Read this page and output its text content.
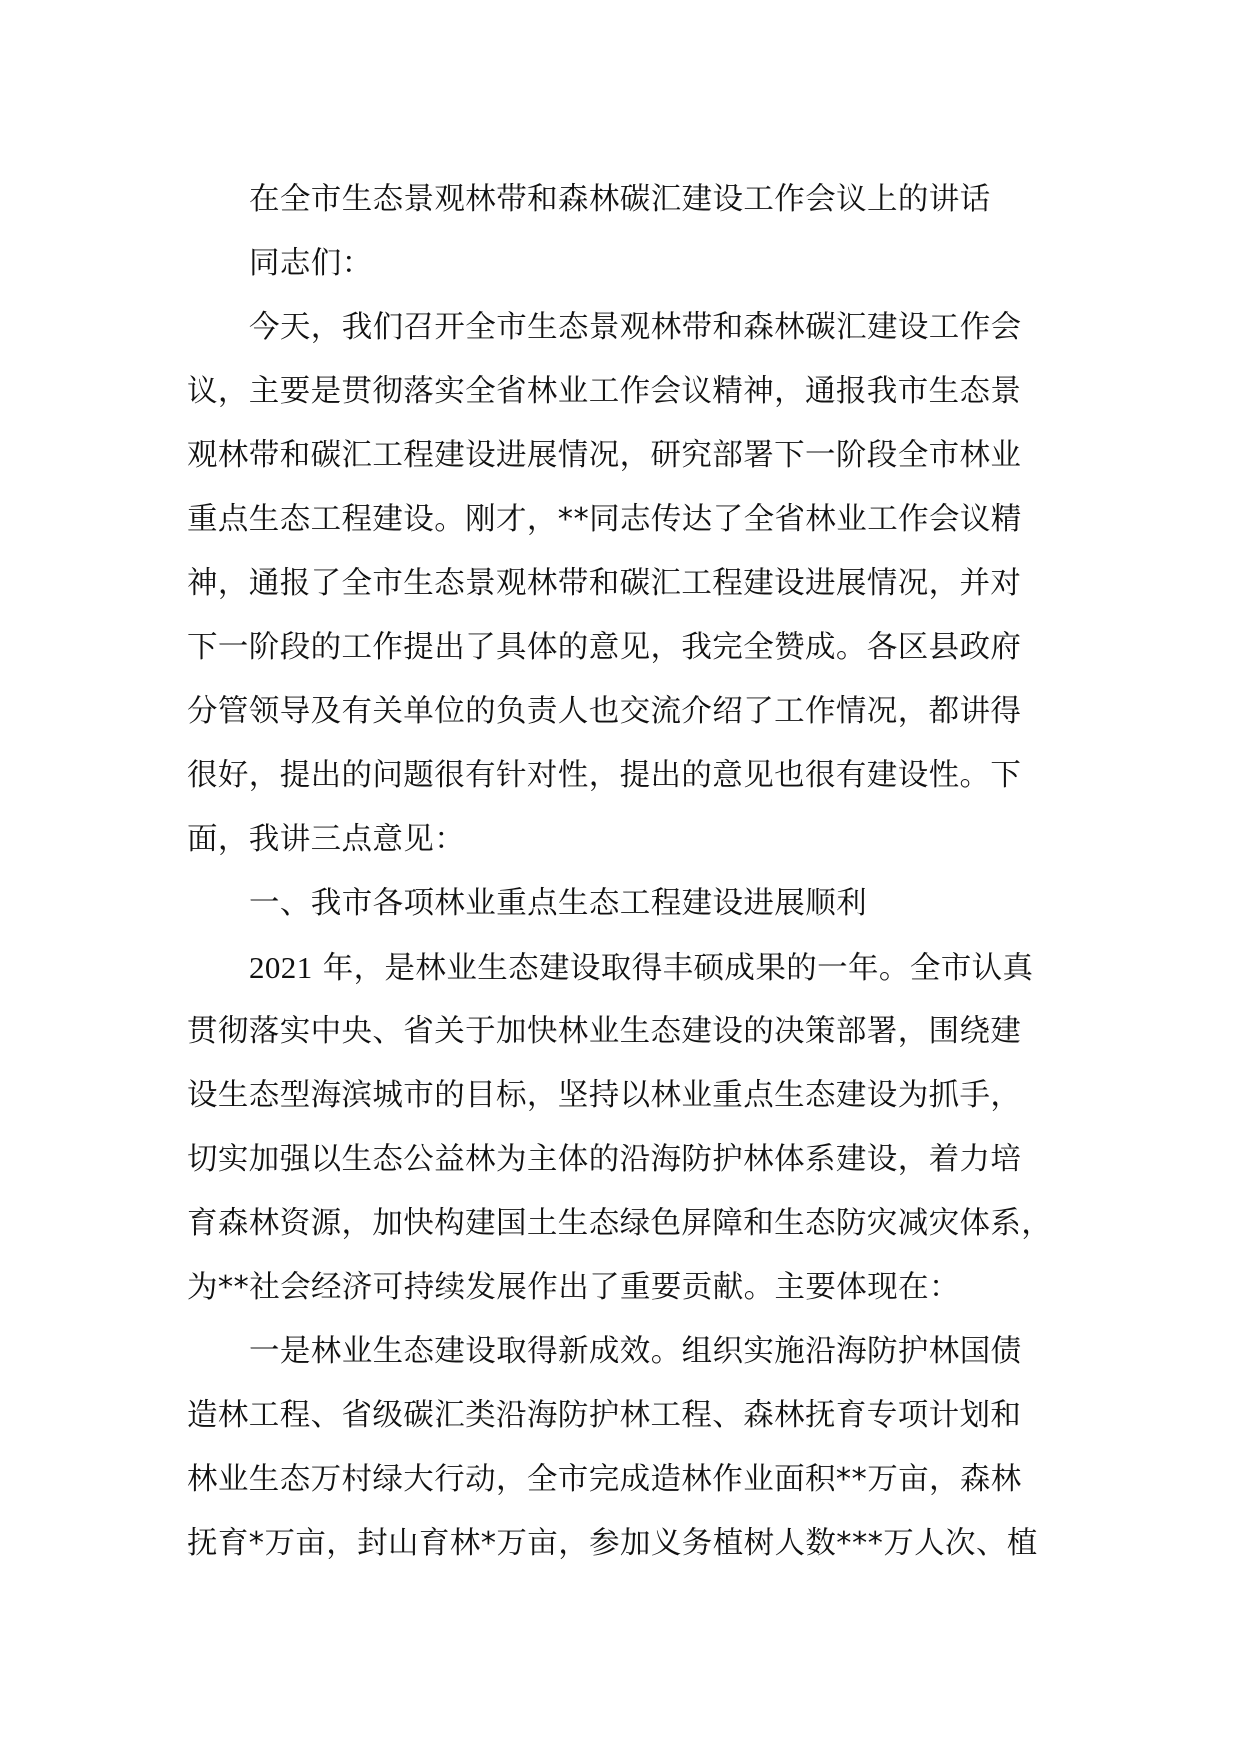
在全市生态景观林带和森林碳汇建设工作会议上的讲话
同志们：
今天，我们召开全市生态景观林带和森林碳汇建设工作会
议，主要是贯彻落实全省林业工作会议精神，通报我市生态景
观林带和碳汇工程建设进展情况，研究部署下一阶段全市林业
重点生态工程建设。刚才，**同志传达了全省林业工作会议精
神，通报了全市生态景观林带和碳汇工程建设进展情况，并对
下一阶段的工作提出了具体的意见，我完全赞成。各区县政府
分管领导及有关单位的负责人也交流介绍了工作情况，都讲得
很好，提出的问题很有针对性，提出的意见也很有建设性。下
面，我讲三点意见：
一、我市各项林业重点生态工程建设进展顺利
2021 年，是林业生态建设取得丰硕成果的一年。全市认真
贯彻落实中央、省关于加快林业生态建设的决策部署，围绕建
设生态型海滨城市的目标，坚持以林业重点生态建设为抓手，
切实加强以生态公益林为主体的沿海防护林体系建设，着力培
育森林资源，加快构建国土生态绿色屏障和生态防灾减灾体系，
为**社会经济可持续发展作出了重要贡献。主要体现在：
一是林业生态建设取得新成效。组织实施沿海防护林国债
造林工程、省级碳汇类沿海防护林工程、森林抚育专项计划和
林业生态万村绿大行动，全市完成造林作业面积**万亩，森林
抚育*万亩，封山育林*万亩，参加义务植树人数***万人次、植
